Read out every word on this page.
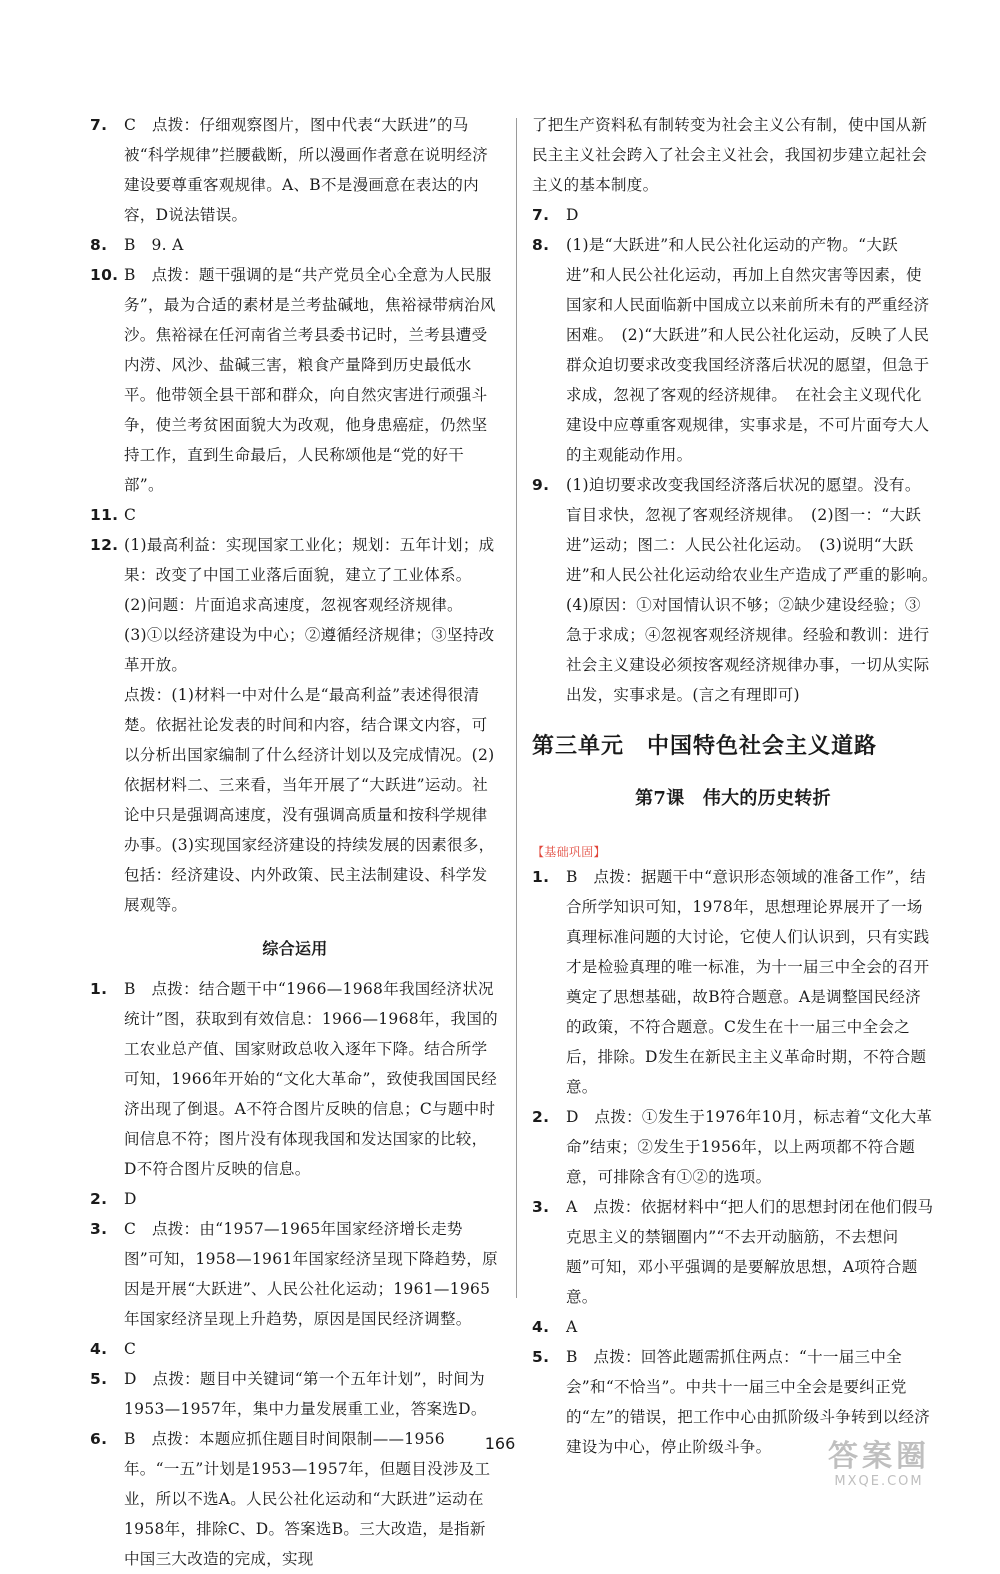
7. C　点拨：仔细观察图片，图中代表“大跃进”的马被“科学规律”拦腰截断，所以漫画作者意在说明经济建设要尊重客观规律。A、B不是漫画意在表达的内容，D说法错误。
8. B　9. A
10. B　点拨：题干强调的是“共产党员全心全意为人民服务”，最为合适的素材是兰考盐碱地，焦裕禄带病治风沙。焦裕禄在任河南省兰考县委书记时，兰考县遭受内涝、风沙、盐碱三害，粮食产量降到历史最低水平。他带领全县干部和群众，向自然灾害进行顽强斗争，使兰考贫困面貌大为改观，他身患癌症，仍然坚持工作，直到生命最后，人民称颂他是“党的好干部”。
11. C
12. (1)最高利益：实现国家工业化；规划：五年计划；成果：改变了中国工业落后面貌，建立了工业体系。　(2)问题：片面追求高速度，忽视客观经济规律。　(3)①以经济建设为中心；②遵循经济规律；③坚持改革开放。
点拨：(1)材料一中对什么是“最高利益”表述得很清楚。依据社论发表的时间和内容，结合课文内容，可以分析出国家编制了什么经济计划以及完成情况。(2)依据材料二、三来看，当年开展了“大跃进”运动。社论中只是强调高速度，没有强调高质量和按科学规律办事。(3)实现国家经济建设的持续发展的因素很多，包括：经济建设、内外政策、民主法制建设、科学发展观等。
综合运用
1. B　点拨：结合题干中“1966—1968年我国经济状况统计”图，获取到有效信息：1966—1968年，我国的工农业总产值、国家财政总收入逐年下降。结合所学可知，1966年开始的“文化大革命”，致使我国国民经济出现了倒退。A不符合图片反映的信息；C与题中时间信息不符；图片没有体现我国和发达国家的比较，D不符合图片反映的信息。
2. D
3. C　点拨：由“1957—1965年国家经济增长走势图”可知，1958—1961年国家经济呈现下降趋势，原因是开展“大跃进”、人民公社化运动；1961—1965年国家经济呈现上升趋势，原因是国民经济调整。
4. C
5. D　点拨：题目中关键词“第一个五年计划”，时间为1953—1957年，集中力量发展重工业，答案选D。
6. B　点拨：本题应抓住题目时间限制——1956年。“一五”计划是1953—1957年，但题目没涉及工业，所以不选A。人民公社化运动和“大跃进”运动在1958年，排除C、D。答案选B。三大改造，是指新中国三大改造的完成，实现
了把生产资料私有制转变为社会主义公有制，使中国从新民主主义社会跨入了社会主义社会，我国初步建立起社会主义的基本制度。
7. D
8. (1)是“大跃进”和人民公社化运动的产物。“大跃进”和人民公社化运动，再加上自然灾害等因素，使国家和人民面临新中国成立以来前所未有的严重经济困难。　(2)“大跃进”和人民公社化运动，反映了人民群众迫切要求改变我国经济落后状况的愿望，但急于求成，忽视了客观的经济规律。　在社会主义现代化建设中应尊重客观规律，实事求是，不可片面夸大人的主观能动作用。
9. (1)迫切要求改变我国经济落后状况的愿望。没有。盲目求快，忽视了客观经济规律。　(2)图一：“大跃进”运动；图二：人民公社化运动。　(3)说明“大跃进”和人民公社化运动给农业生产造成了严重的影响。　(4)原因：①对国情认识不够；②缺少建设经验；③急于求成；④忽视客观经济规律。经验和教训：进行社会主义建设必须按客观经济规律办事，一切从实际出发，实事求是。(言之有理即可)
第三单元　中国特色社会主义道路
第7课　伟大的历史转折
【基础巩固】
1. B　点拨：据题干中“意识形态领域的准备工作”，结合所学知识可知，1978年，思想理论界展开了一场真理标准问题的大讨论，它使人们认识到，只有实践才是检验真理的唯一标准，为十一届三中全会的召开奠定了思想基础，故B符合题意。A是调整国民经济的政策，不符合题意。C发生在十一届三中全会之后，排除。D发生在新民主主义革命时期，不符合题意。
2. D　点拨：①发生于1976年10月，标志着“文化大革命”结束；②发生于1956年，以上两项都不符合题意，可排除含有①②的选项。
3. A　点拨：依据材料中“把人们的思想封闭在他们假马克思主义的禁锢圈内”“不去开动脑筋，不去想问题”可知，邓小平强调的是要解放思想，A项符合题意。
4. A
5. B　点拨：回答此题需抓住两点：“十一届三中全会”和“不恰当”。中共十一届三中全会是要纠正党的“左”的错误，把工作中心由抓阶级斗争转到以经济建设为中心，停止阶级斗争。
166	答案圈
MXQE.COM
